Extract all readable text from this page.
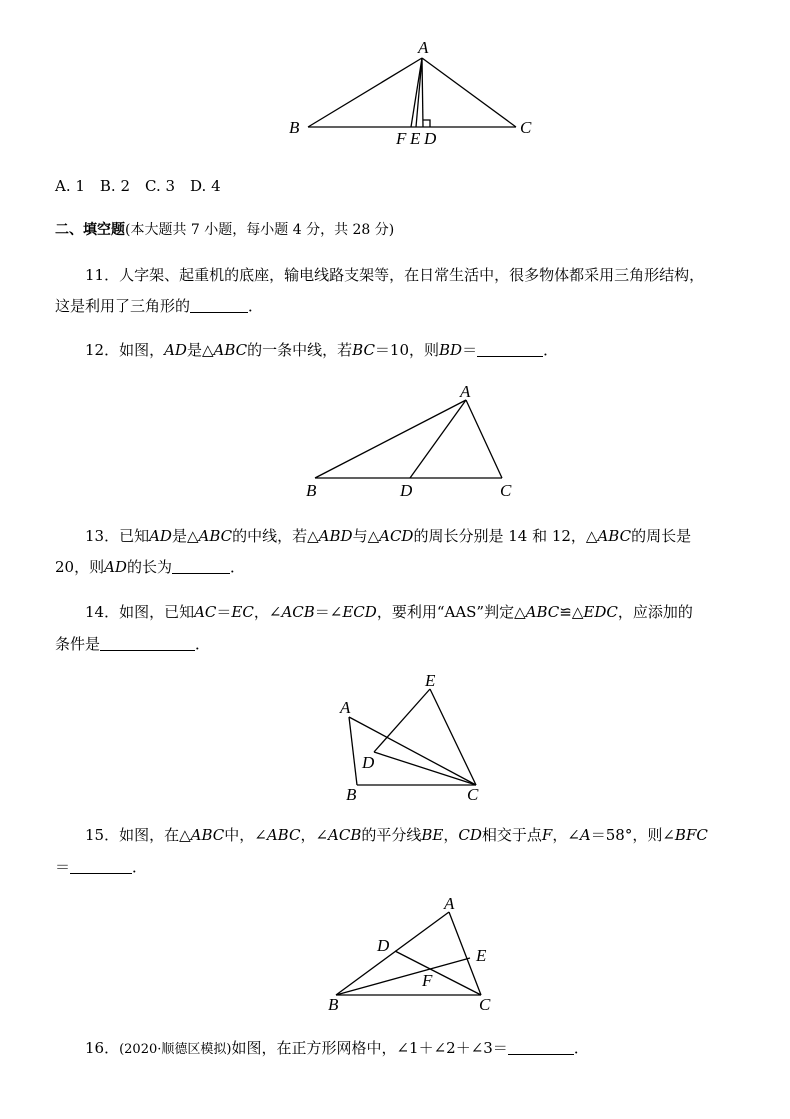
A
B	C
F E D
A. 1　B. 2　C. 3　D. 4
二、填空题(本大题共 7 小题，每小题 4 分，共 28 分)
11．人字架、起重机的底座，输电线路支架等，在日常生活中，很多物体都采用三角形结构，
这是利用了三角形的	．
12．如图，AD是△ABC的一条中线，若BC＝10，则BD＝	．
A
B	D	C
13．已知AD是△ABC的中线，若△ABD与△ACD的周长分别是 14 和 12，△ABC的周长是
20，则AD的长为	．
14．如图，已知AC＝EC，∠ACB＝∠ECD，要利用“AAS”判定△ABC≌△EDC，应添加的
条件是	．
A
E
D
B	C
15．如图，在△ABC中，∠ABC，∠ACB的平分线BE，CD相交于点F，∠A＝58°，则∠BFC
＝	．
A
D
E
F
B	C
16．(2020·顺德区模拟)如图，在正方形网格中，∠1＋∠2＋∠3＝	．
